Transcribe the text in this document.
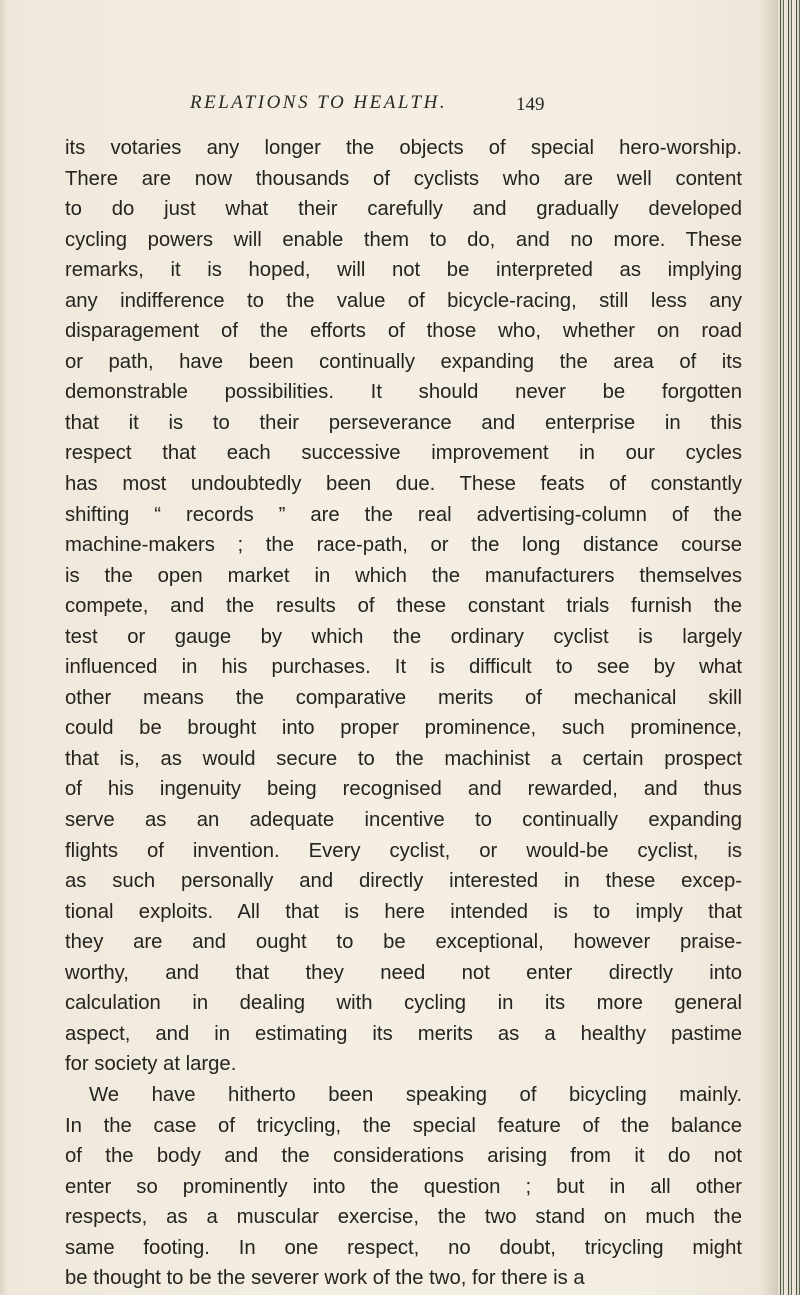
RELATIONS TO HEALTH.	149
its votaries any longer the objects of special hero-worship.
There are now thousands of cyclists who are well content
to do just what their carefully and gradually developed
cycling powers will enable them to do, and no more. These
remarks, it is hoped, will not be interpreted as implying
any indifference to the value of bicycle-racing, still less any
disparagement of the efforts of those who, whether on road
or path, have been continually expanding the area of its
demonstrable possibilities. It should never be forgotten
that it is to their perseverance and enterprise in this
respect that each successive improvement in our cycles
has most undoubtedly been due. These feats of constantly
shifting “ records ” are the real advertising-column of the
machine-makers ; the race-path, or the long distance course
is the open market in which the manufacturers themselves
compete, and the results of these constant trials furnish the
test or gauge by which the ordinary cyclist is largely
influenced in his purchases. It is difficult to see by what
other means the comparative merits of mechanical skill
could be brought into proper prominence, such prominence,
that is, as would secure to the machinist a certain prospect
of his ingenuity being recognised and rewarded, and thus
serve as an adequate incentive to continually expanding
flights of invention. Every cyclist, or would-be cyclist, is
as such personally and directly interested in these excep-
tional exploits. All that is here intended is to imply that
they are and ought to be exceptional, however praise-
worthy, and that they need not enter directly into
calculation in dealing with cycling in its more general
aspect, and in estimating its merits as a healthy pastime
for society at large.
We have hitherto been speaking of bicycling mainly.
In the case of tricycling, the special feature of the balance
of the body and the considerations arising from it do not
enter so prominently into the question ; but in all other
respects, as a muscular exercise, the two stand on much the
same footing. In one respect, no doubt, tricycling might
be thought to be the severer work of the two, for there is a
